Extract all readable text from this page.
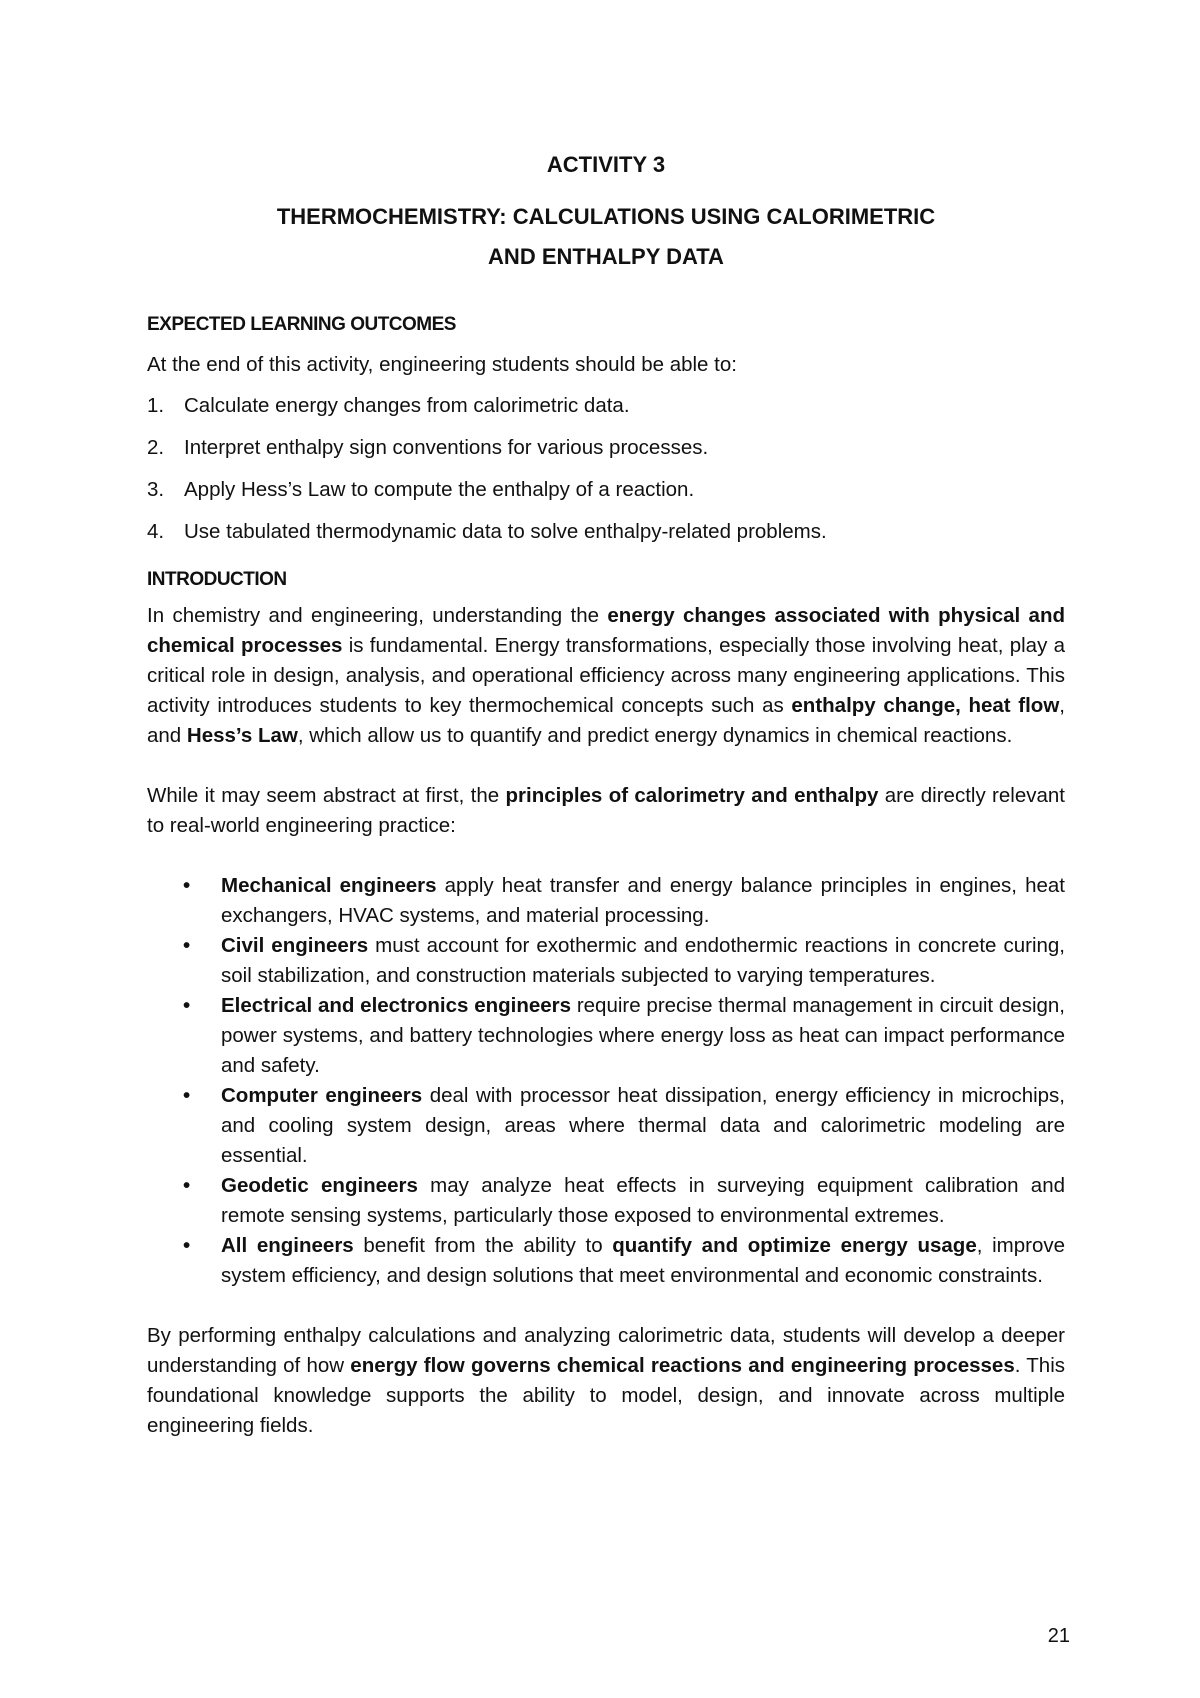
ACTIVITY 3

THERMOCHEMISTRY: CALCULATIONS USING CALORIMETRIC

AND ENTHALPY DATA

EXPECTED LEARNING OUTCOMES

At the end of this activity, engineering students should be able to:

1. Calculate energy changes from calorimetric data.
2. Interpret enthalpy sign conventions for various processes.
3. Apply Hess’s Law to compute the enthalpy of a reaction.
4. Use tabulated thermodynamic data to solve enthalpy-related problems.

INTRODUCTION

In chemistry and engineering, understanding the energy changes associated with physical and chemical processes is fundamental. Energy transformations, especially those involving heat, play a critical role in design, analysis, and operational efficiency across many engineering applications. This activity introduces students to key thermochemical concepts such as enthalpy change, heat flow, and Hess’s Law, which allow us to quantify and predict energy dynamics in chemical reactions.

While it may seem abstract at first, the principles of calorimetry and enthalpy are directly relevant to real-world engineering practice:

• Mechanical engineers apply heat transfer and energy balance principles in engines, heat exchangers, HVAC systems, and material processing.
• Civil engineers must account for exothermic and endothermic reactions in concrete curing, soil stabilization, and construction materials subjected to varying temperatures.
• Electrical and electronics engineers require precise thermal management in circuit design, power systems, and battery technologies where energy loss as heat can impact performance and safety.
• Computer engineers deal with processor heat dissipation, energy efficiency in microchips, and cooling system design, areas where thermal data and calorimetric modeling are essential.
• Geodetic engineers may analyze heat effects in surveying equipment calibration and remote sensing systems, particularly those exposed to environmental extremes.
• All engineers benefit from the ability to quantify and optimize energy usage, improve system efficiency, and design solutions that meet environmental and economic constraints.

By performing enthalpy calculations and analyzing calorimetric data, students will develop a deeper understanding of how energy flow governs chemical reactions and engineering processes. This foundational knowledge supports the ability to model, design, and innovate across multiple engineering fields.

21
